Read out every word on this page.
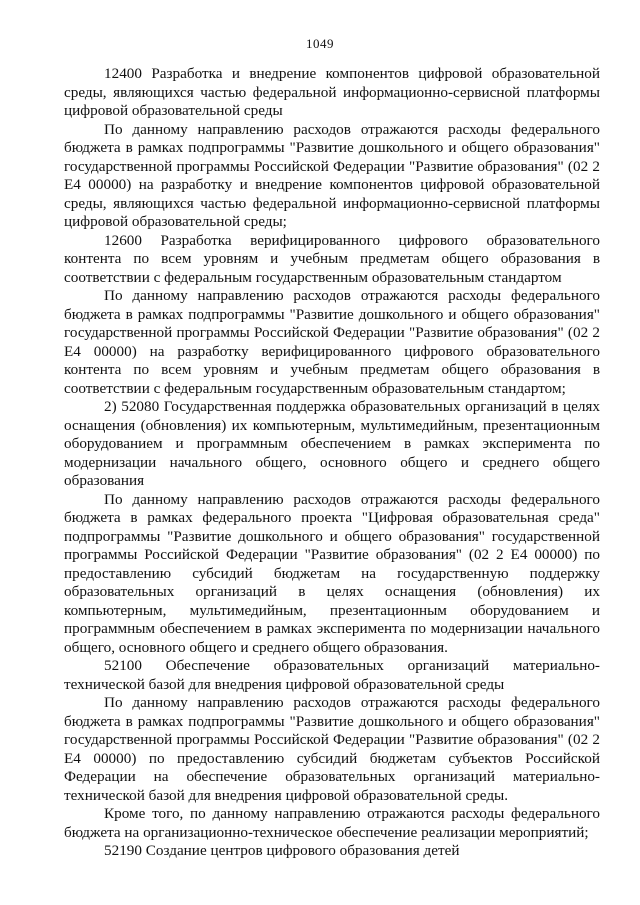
1049

12400 Разработка и внедрение компонентов цифровой образовательной среды, являющихся частью федеральной информационно-сервисной платформы цифровой образовательной среды

По данному направлению расходов отражаются расходы федерального бюджета в рамках подпрограммы "Развитие дошкольного и общего образования" государственной программы Российской Федерации "Развитие образования" (02 2 Е4 00000) на разработку и внедрение компонентов цифровой образовательной среды, являющихся частью федеральной информационно-сервисной платформы цифровой образовательной среды;

12600 Разработка верифицированного цифрового образовательного контента по всем уровням и учебным предметам общего образования в соответствии с федеральным государственным образовательным стандартом

По данному направлению расходов отражаются расходы федерального бюджета в рамках подпрограммы "Развитие дошкольного и общего образования" государственной программы Российской Федерации "Развитие образования" (02 2 Е4 00000) на разработку верифицированного цифрового образовательного контента по всем уровням и учебным предметам общего образования в соответствии с федеральным государственным образовательным стандартом;

2) 52080 Государственная поддержка образовательных организаций в целях оснащения (обновления) их компьютерным, мультимедийным, презентационным оборудованием и программным обеспечением в рамках эксперимента по модернизации начального общего, основного общего и среднего общего образования

По данному направлению расходов отражаются расходы федерального бюджета в рамках федерального проекта "Цифровая образовательная среда" подпрограммы "Развитие дошкольного и общего образования" государственной программы Российской Федерации "Развитие образования" (02 2 Е4 00000) по предоставлению субсидий бюджетам на государственную поддержку образовательных организаций в целях оснащения (обновления) их компьютерным, мультимедийным, презентационным оборудованием и программным обеспечением в рамках эксперимента по модернизации начального общего, основного общего и среднего общего образования.

52100 Обеспечение образовательных организаций материально-технической базой для внедрения цифровой образовательной среды

По данному направлению расходов отражаются расходы федерального бюджета в рамках подпрограммы "Развитие дошкольного и общего образования" государственной программы Российской Федерации "Развитие образования" (02 2 Е4 00000) по предоставлению субсидий бюджетам субъектов Российской Федерации на обеспечение образовательных организаций материально-технической базой для внедрения цифровой образовательной среды.

Кроме того, по данному направлению отражаются расходы федерального бюджета на организационно-техническое обеспечение реализации мероприятий;

52190 Создание центров цифрового образования детей
